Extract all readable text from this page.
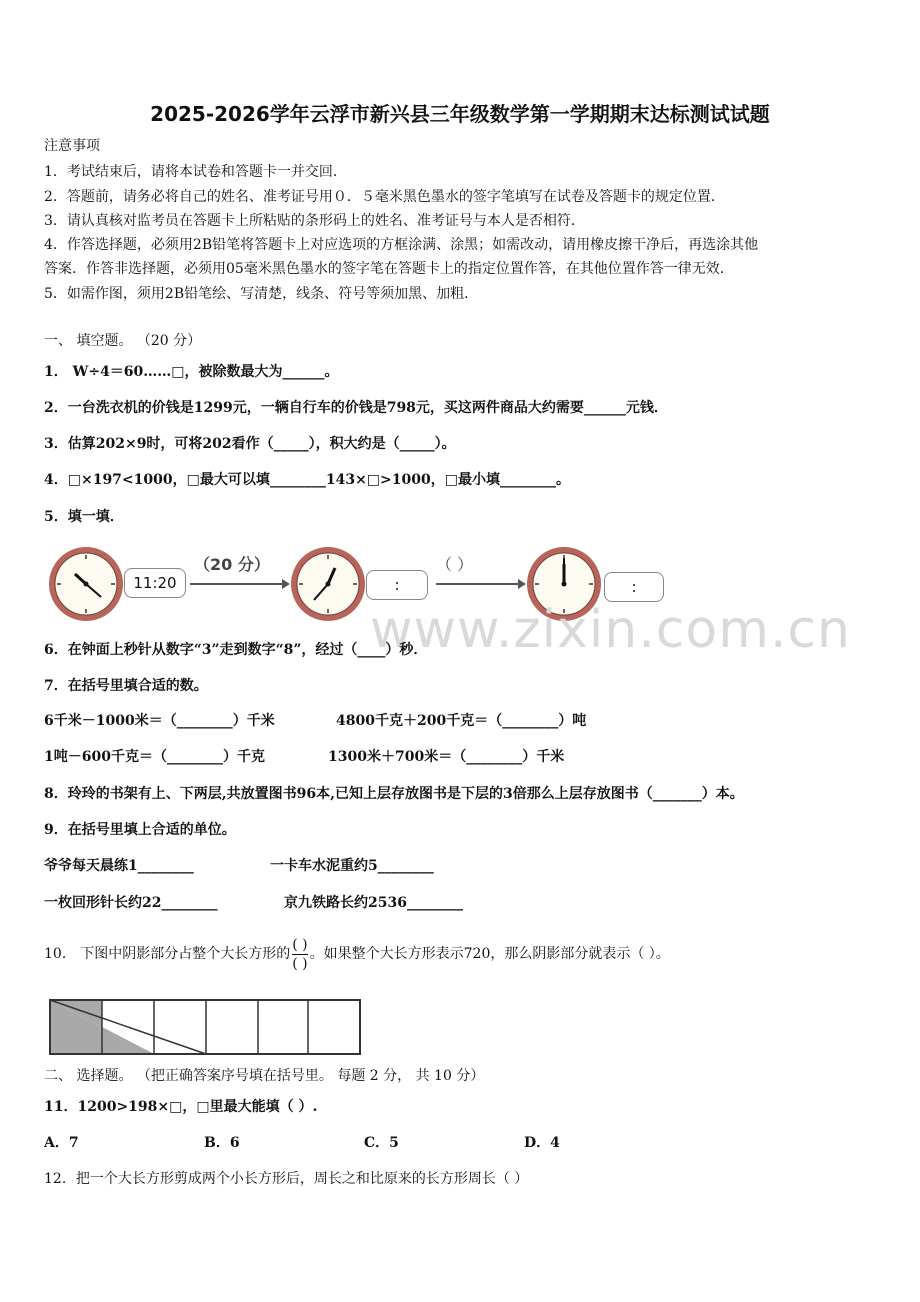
2025-2026学年云浮市新兴县三年级数学第一学期期末达标测试试题
注意事项
1．考试结束后，请将本试卷和答题卡一并交回．
2．答题前，请务必将自己的姓名、准考证号用０．５毫米黑色墨水的签字笔填写在试卷及答题卡的规定位置．
3．请认真核对监考员在答题卡上所粘贴的条形码上的姓名、准考证号与本人是否相符．
4．作答选择题，必须用2B铅笔将答题卡上对应选项的方框涂满、涂黑；如需改动，请用橡皮擦干净后，再选涂其他
答案．作答非选择题，必须用05毫米黑色墨水的签字笔在答题卡上的指定位置作答，在其他位置作答一律无效．
5．如需作图，须用2B铅笔绘、写清楚，线条、符号等须加黑、加粗．
一、 填空题。 （20 分）
1． W÷4＝60……□，被除数最大为______。
2．一台洗衣机的价钱是1299元，一辆自行车的价钱是798元，买这两件商品大约需要______元钱．
3．估算202×9时，可将202看作（_____），积大约是（_____）。
4．□×197<1000，□最大可以填________143×□>1000，□最小填________。
5．填一填．
11:20
（20 分）
:
（ ）
:
www.zixin.com.cn
6．在钟面上秒针从数字“3”走到数字“8”，经过（____）秒．
7．在括号里填合适的数。
6千米－1000米＝（________）千米	4800千克＋200千克＝（________）吨
1吨－600千克＝（________）千克	1300米＋700米＝（________）千米
8．玲玲的书架有上、下两层,共放置图书96本,已知上层存放图书是下层的3倍那么上层存放图书（_______）本。
9．在括号里填上合适的单位。
爷爷每天晨练1________	一卡车水泥重约5________
一枚回形针长约22________	京九铁路长约2536________
10． 下图中阴影部分占整个大长方形的 $\frac{( )}{( )}$ 。如果整个大长方形表示720，那么阴影部分就表示（ ）。
二、 选择题。 （把正确答案序号填在括号里。 每题 2 分， 共 10 分）
11．1200>198×□，□里最大能填（ ）.
A．7	B．6	C．5	D．4
12．把一个大长方形剪成两个小长方形后，周长之和比原来的长方形周长（ ）
